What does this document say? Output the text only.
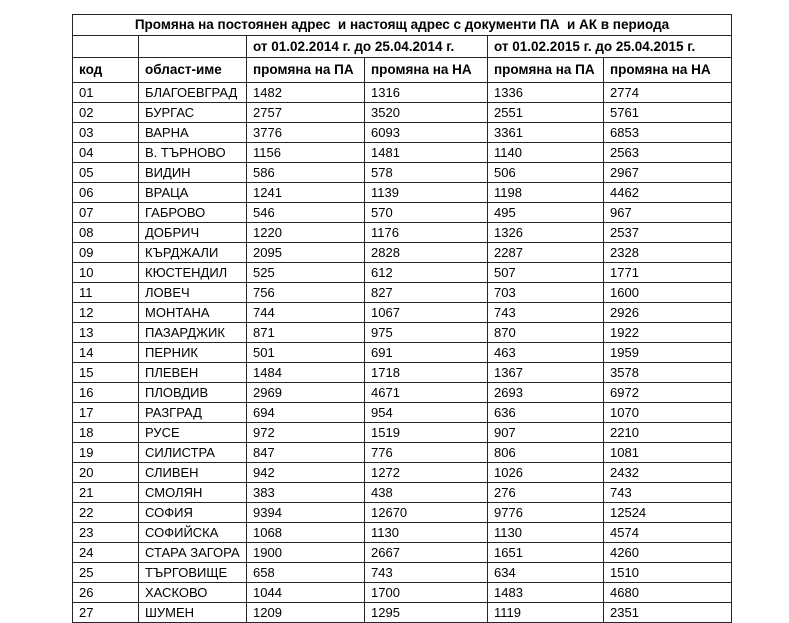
Промяна на постоянен адрес  и настоящ адрес с документи ПА  и АК в периода					
		от 01.02.2014 г. до 25.04.2014 г.		от 01.02.2015 г. до 25.04.2015 г.	
код	област-име	промяна на ПА	промяна на НА	промяна на ПА	промяна на НА
01	БЛАГОЕВГРАД	1482	1316	1336	2774
02	БУРГАС	2757	3520	2551	5761
03	ВАРНА	3776	6093	3361	6853
04	В. ТЪРНОВО	1156	1481	1140	2563
05	ВИДИН	586	578	506	2967
06	ВРАЦА	1241	1139	1198	4462
07	ГАБРОВО	546	570	495	967
08	ДОБРИЧ	1220	1176	1326	2537
09	КЪРДЖАЛИ	2095	2828	2287	2328
10	КЮСТЕНДИЛ	525	612	507	1771
11	ЛОВЕЧ	756	827	703	1600
12	МОНТАНА	744	1067	743	2926
13	ПАЗАРДЖИК	871	975	870	1922
14	ПЕРНИК	501	691	463	1959
15	ПЛЕВЕН	1484	1718	1367	3578
16	ПЛОВДИВ	2969	4671	2693	6972
17	РАЗГРАД	694	954	636	1070
18	РУСЕ	972	1519	907	2210
19	СИЛИСТРА	847	776	806	1081
20	СЛИВЕН	942	1272	1026	2432
21	СМОЛЯН	383	438	276	743
22	СОФИЯ	9394	12670	9776	12524
23	СОФИЙСКА	1068	1130	1130	4574
24	СТАРА ЗАГОРА	1900	2667	1651	4260
25	ТЪРГОВИЩЕ	658	743	634	1510
26	ХАСКОВО	1044	1700	1483	4680
27	ШУМЕН	1209	1295	1119	2351
